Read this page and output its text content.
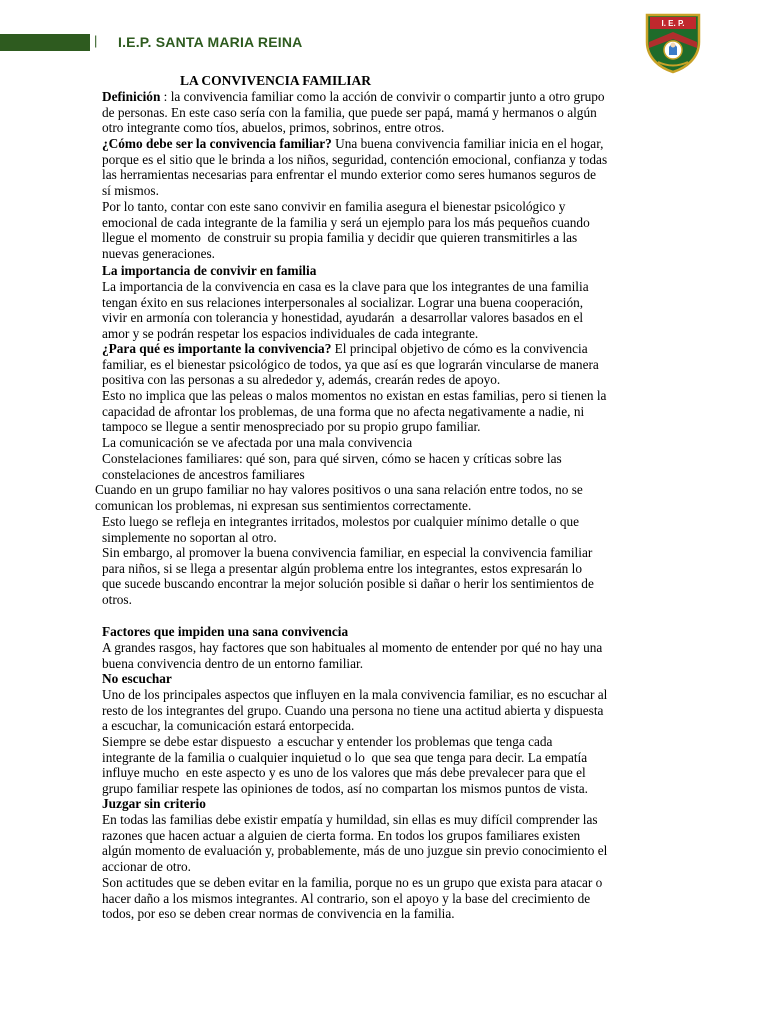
| I.E.P. SANTA MARIA REINA
I. E. P.
LA CONVIVENCIA FAMILIAR
Definición : la convivencia familiar como la acción de convivir o compartir junto a otro grupo
de personas. En este caso sería con la familia, que puede ser papá, mamá y hermanos o algún
otro integrante como tíos, abuelos, primos, sobrinos, entre otros.
¿Cómo debe ser la convivencia familiar? Una buena convivencia familiar inicia en el hogar,
porque es el sitio que le brinda a los niños, seguridad, contención emocional, confianza y todas
las herramientas necesarias para enfrentar el mundo exterior como seres humanos seguros de
sí mismos.
Por lo tanto, contar con este sano convivir en familia asegura el bienestar psicológico y
emocional de cada integrante de la familia y será un ejemplo para los más pequeños cuando
llegue el momento  de construir su propia familia y decidir que quieren transmitirles a las
nuevas generaciones.
La importancia de convivir en familia
La importancia de la convivencia en casa es la clave para que los integrantes de una familia
tengan éxito en sus relaciones interpersonales al socializar. Lograr una buena cooperación,
vivir en armonía con tolerancia y honestidad, ayudarán  a desarrollar valores basados en el
amor y se podrán respetar los espacios individuales de cada integrante.
¿Para qué es importante la convivencia? El principal objetivo de cómo es la convivencia
familiar, es el bienestar psicológico de todos, ya que así es que lograrán vincularse de manera
positiva con las personas a su alrededor y, además, crearán redes de apoyo.
Esto no implica que las peleas o malos momentos no existan en estas familias, pero si tienen la
capacidad de afrontar los problemas, de una forma que no afecta negativamente a nadie, ni
tampoco se llegue a sentir menospreciado por su propio grupo familiar.
La comunicación se ve afectada por una mala convivencia
Constelaciones familiares: qué son, para qué sirven, cómo se hacen y críticas sobre las
constelaciones de ancestros familiares
Cuando en un grupo familiar no hay valores positivos o una sana relación entre todos, no se
comunican los problemas, ni expresan sus sentimientos correctamente.
Esto luego se refleja en integrantes irritados, molestos por cualquier mínimo detalle o que
simplemente no soportan al otro.
Sin embargo, al promover la buena convivencia familiar, en especial la convivencia familiar
para niños, si se llega a presentar algún problema entre los integrantes, estos expresarán lo
que sucede buscando encontrar la mejor solución posible si dañar o herir los sentimientos de
otros.
Factores que impiden una sana convivencia
A grandes rasgos, hay factores que son habituales al momento de entender por qué no hay una
buena convivencia dentro de un entorno familiar.
No escuchar
Uno de los principales aspectos que influyen en la mala convivencia familiar, es no escuchar al
resto de los integrantes del grupo. Cuando una persona no tiene una actitud abierta y dispuesta
a escuchar, la comunicación estará entorpecida.
Siempre se debe estar dispuesto  a escuchar y entender los problemas que tenga cada
integrante de la familia o cualquier inquietud o lo  que sea que tenga para decir. La empatía
influye mucho  en este aspecto y es uno de los valores que más debe prevalecer para que el
grupo familiar respete las opiniones de todos, así no compartan los mismos puntos de vista.
Juzgar sin criterio
En todas las familias debe existir empatía y humildad, sin ellas es muy difícil comprender las
razones que hacen actuar a alguien de cierta forma. En todos los grupos familiares existen
algún momento de evaluación y, probablemente, más de uno juzgue sin previo conocimiento el
accionar de otro.
Son actitudes que se deben evitar en la familia, porque no es un grupo que exista para atacar o
hacer daño a los mismos integrantes. Al contrario, son el apoyo y la base del crecimiento de
todos, por eso se deben crear normas de convivencia en la familia.
